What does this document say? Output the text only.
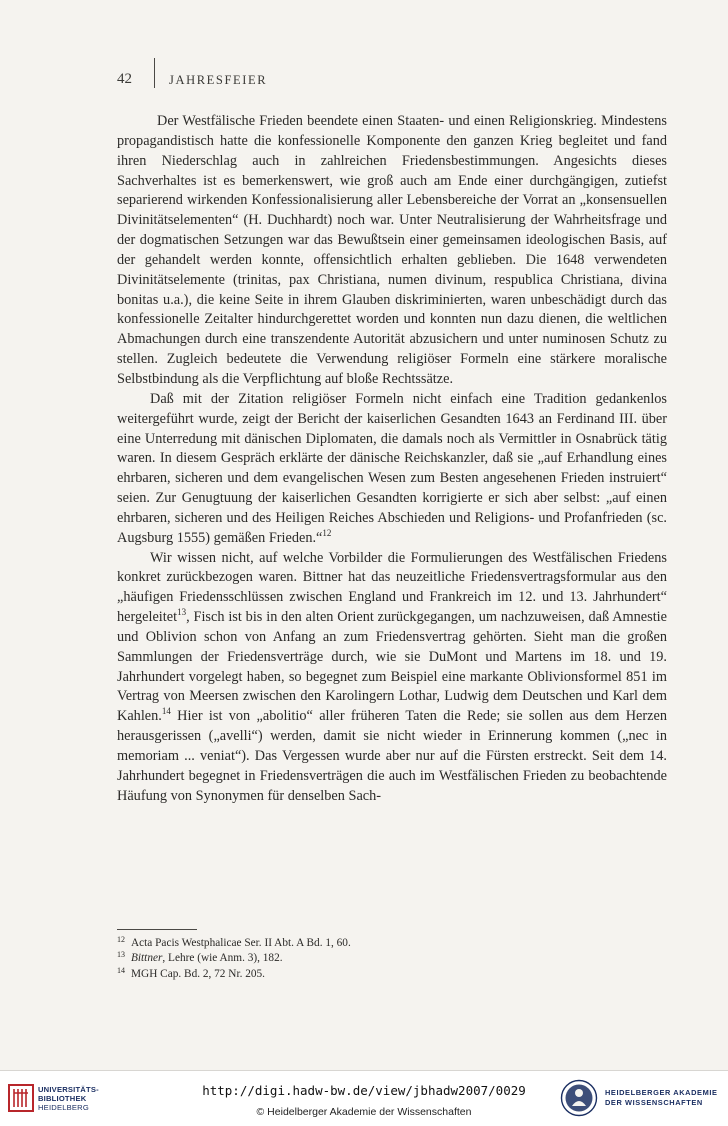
42	JAHRESFEIER

Der Westfälische Frieden beendete einen Staaten- und einen Religionskrieg. Mindestens propagandistisch hatte die konfessionelle Komponente den ganzen Krieg begleitet und fand ihren Niederschlag auch in zahlreichen Friedensbestimmungen. Angesichts dieses Sachverhaltes ist es bemerkenswert, wie groß auch am Ende einer durchgängigen, zutiefst separierend wirkenden Konfessionalisierung aller Lebensbereiche der Vorrat an „konsensuellen Divinitätselementen“ (H. Duchhardt) noch war. Unter Neutralisierung der Wahrheitsfrage und der dogmatischen Setzungen war das Bewußtsein einer gemeinsamen ideologischen Basis, auf der gehandelt werden konnte, offensichtlich erhalten geblieben. Die 1648 verwendeten Divinitätselemente (trinitas, pax Christiana, numen divinum, respublica Christiana, divina bonitas u.a.), die keine Seite in ihrem Glauben diskriminierten, waren unbeschädigt durch das konfessionelle Zeitalter hindurchgerettet worden und konnten nun dazu dienen, die weltlichen Abmachungen durch eine transzendente Autorität abzusichern und unter numinosen Schutz zu stellen. Zugleich bedeutete die Verwendung religiöser Formeln eine stärkere moralische Selbstbindung als die Verpflichtung auf bloße Rechtssätze.

Daß mit der Zitation religiöser Formeln nicht einfach eine Tradition gedankenlos weitergeführt wurde, zeigt der Bericht der kaiserlichen Gesandten 1643 an Ferdinand III. über eine Unterredung mit dänischen Diplomaten, die damals noch als Vermittler in Osnabrück tätig waren. In diesem Gespräch erklärte der dänische Reichskanzler, daß sie „auf Erhandlung eines ehrbaren, sicheren und dem evangelischen Wesen zum Besten angesehenen Frieden instruiert“ seien. Zur Genugtuung der kaiserlichen Gesandten korrigierte er sich aber selbst: „auf einen ehrbaren, sicheren und des Heiligen Reiches Abschieden und Religions- und Profanfrieden (sc. Augsburg 1555) gemäßen Frieden.“$^{12}$

Wir wissen nicht, auf welche Vorbilder die Formulierungen des Westfälischen Friedens konkret zurückbezogen waren. Bittner hat das neuzeitliche Friedensvertragsformular aus den „häufigen Friedensschlüssen zwischen England und Frankreich im 12. und 13. Jahrhundert“ hergeleitet$^{13}$, Fisch ist bis in den alten Orient zurückgegangen, um nachzuweisen, daß Amnestie und Oblivion schon von Anfang an zum Friedensvertrag gehörten. Sieht man die großen Sammlungen der Friedensverträge durch, wie sie DuMont und Martens im 18. und 19. Jahrhundert vorgelegt haben, so begegnet zum Beispiel eine markante Oblivionsformel 851 im Vertrag von Meersen zwischen den Karolingern Lothar, Ludwig dem Deutschen und Karl dem Kahlen.$^{14}$ Hier ist von „abolitio“ aller früheren Taten die Rede; sie sollen aus dem Herzen herausgerissen („avelli“) werden, damit sie nicht wieder in Erinnerung kommen („nec in memoriam ... veniat“). Das Vergessen wurde aber nur auf die Fürsten erstreckt. Seit dem 14. Jahrhundert begegnet in Friedensverträgen die auch im Westfälischen Frieden zu beobachtende Häufung von Synonymen für denselben Sach-

$^{12}$ Acta Pacis Westphalicae Ser. II Abt. A Bd. 1, 60.

$^{13}$ Bittner, Lehre (wie Anm. 3), 182.

$^{14}$ MGH Cap. Bd. 2, 72 Nr. 205.

UNIVERSITÄTS-
BIBLIOTHEK
HEIDELBERG
http://digi.hadw-bw.de/view/jbhadw2007/0029
© Heidelberger Akademie der Wissenschaften
HEIDELBERGER AKADEMIE
DER WISSENSCHAFTEN
